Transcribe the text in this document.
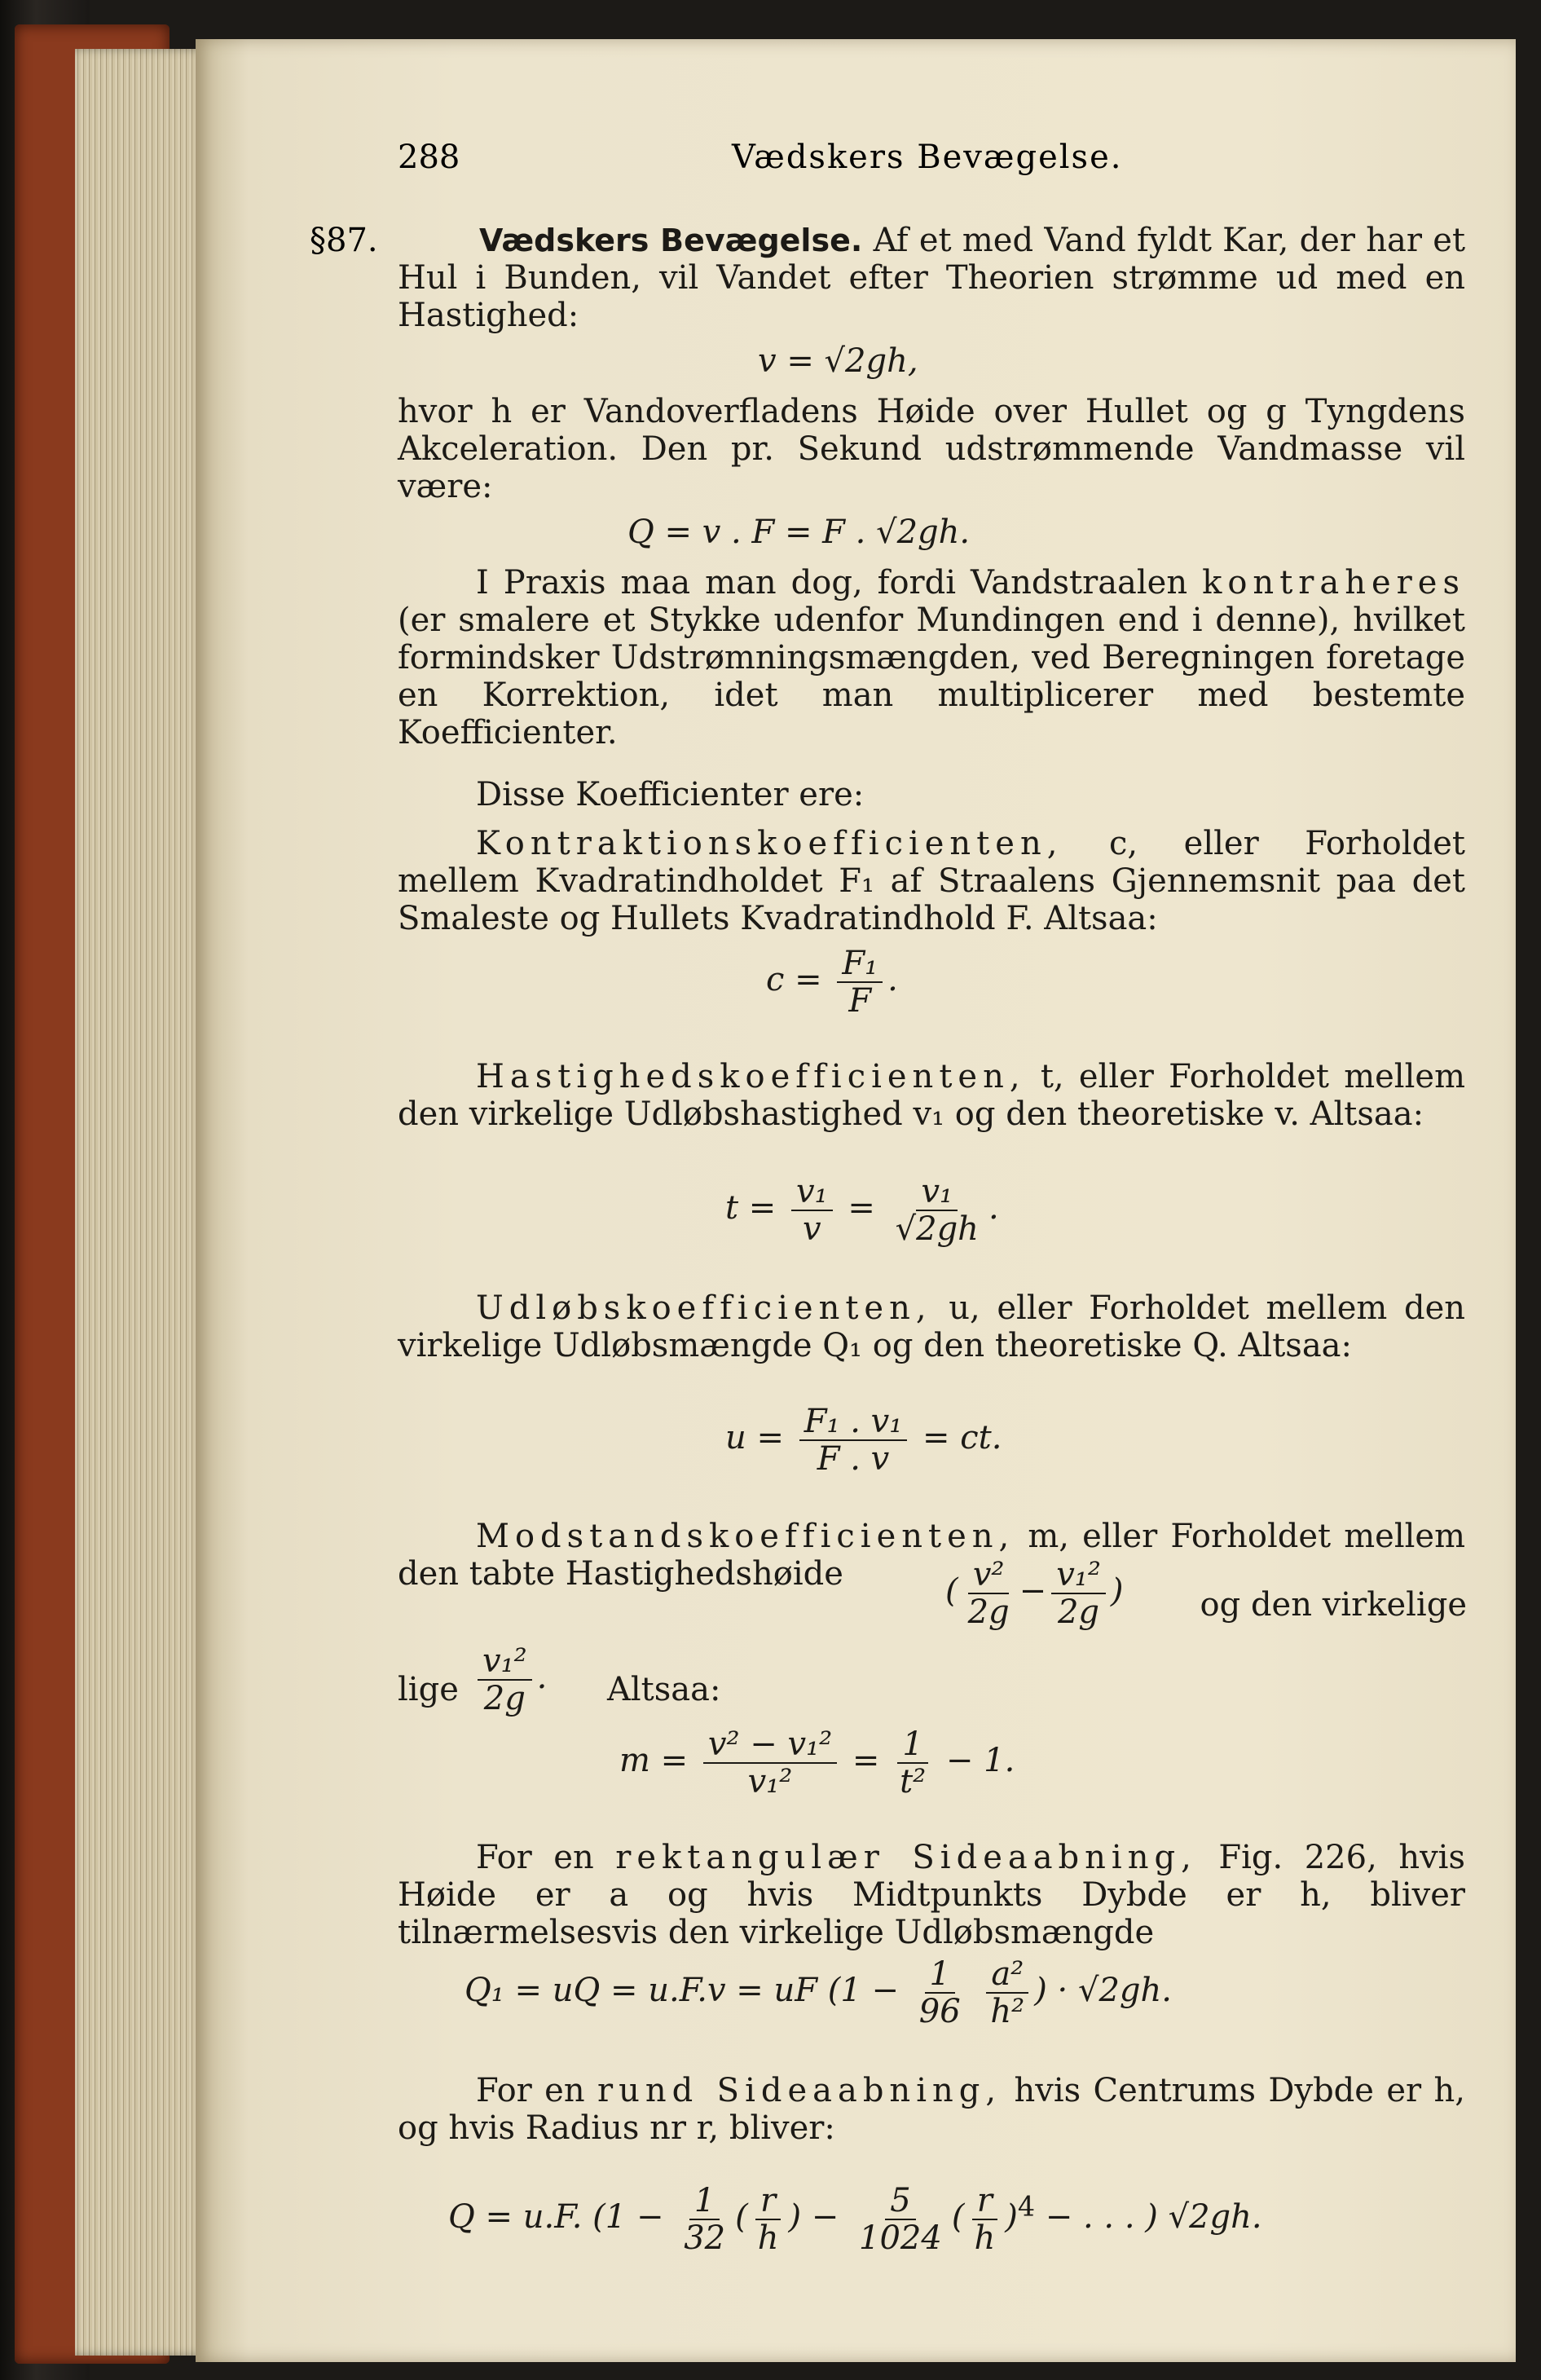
288	Vædskers Bevægelse.
§87.	Vædskers Bevægelse. Af et med Vand fyldt Kar, der har et Hul i Bunden, vil Vandet efter Theorien strømme ud med en Hastighed:
v = √2gh,
hvor h er Vandoverfladens Høide over Hullet og g Tyngdens Akceleration. Den pr. Sekund udstrømmende Vandmasse vil være:
Q = v . F = F . √2gh.
I Praxis maa man dog, fordi Vandstraalen kontraheres (er smalere et Stykke udenfor Mundingen end i denne), hvilket formindsker Udstrømningsmængden, ved Beregningen foretage en Korrektion, idet man multiplicerer med bestemte Koefficienter.
Disse Koefficienter ere:
Kontraktionskoefficienten, c, eller Forholdet mellem Kvadratindholdet F₁ af Straalens Gjennemsnit paa det Smaleste og Hullets Kvadratindhold F. Altsaa:
$c = \frac{\text{F₁}}{F}$ .
Hastighedskoefficienten, t, eller Forholdet mellem den virkelige Udløbshastighed v₁ og den theoretiske v. Altsaa:
$t = \frac{\text{v₁}}{v} = \frac{\text{v₁}}{√2gh}$ .
Udløbskoefficienten, u, eller Forholdet mellem den virkelige Udløbsmængde Q₁ og den theoretiske Q. Altsaa:
$u = \frac{\text{F₁ . v₁}}{F . v}$ = ct.
Modstandskoefficienten, m, eller Forholdet mellem den tabte Hastighedshøide	( $\frac{\text{v²}}{2g} - \frac{\text{v₁²}}{2g}$ ) og den virkelige
lige $\frac{\text{v₁²}}{2g}$ . Altsaa:
$m = \frac{\text{v² − v₁²}}{\text{v₁²}} = \frac{1}{\text{t²}} - 1$.
For en rektangulær Sideaabning, Fig. 226, hvis Høide er a og hvis Midtpunkts Dybde er h, bliver tilnærmelsesvis den virkelige Udløbsmængde
Q₁ = uQ = u.F.v = uF ($1 - \frac{1}{96}$
$\frac{\text{a²}}{\text{h²}}$ ) · √2gh.
For en rund Sideaabning, hvis Centrums Dybde er h, og hvis Radius nr r, bliver:
Q = u.F. ($1 - \frac{1}{32}$ ( $\frac{r}{h}$ ) − $\frac{5}{1024}$ ( $\frac{r}{h} )^4$ − . . . ) √2gh.
